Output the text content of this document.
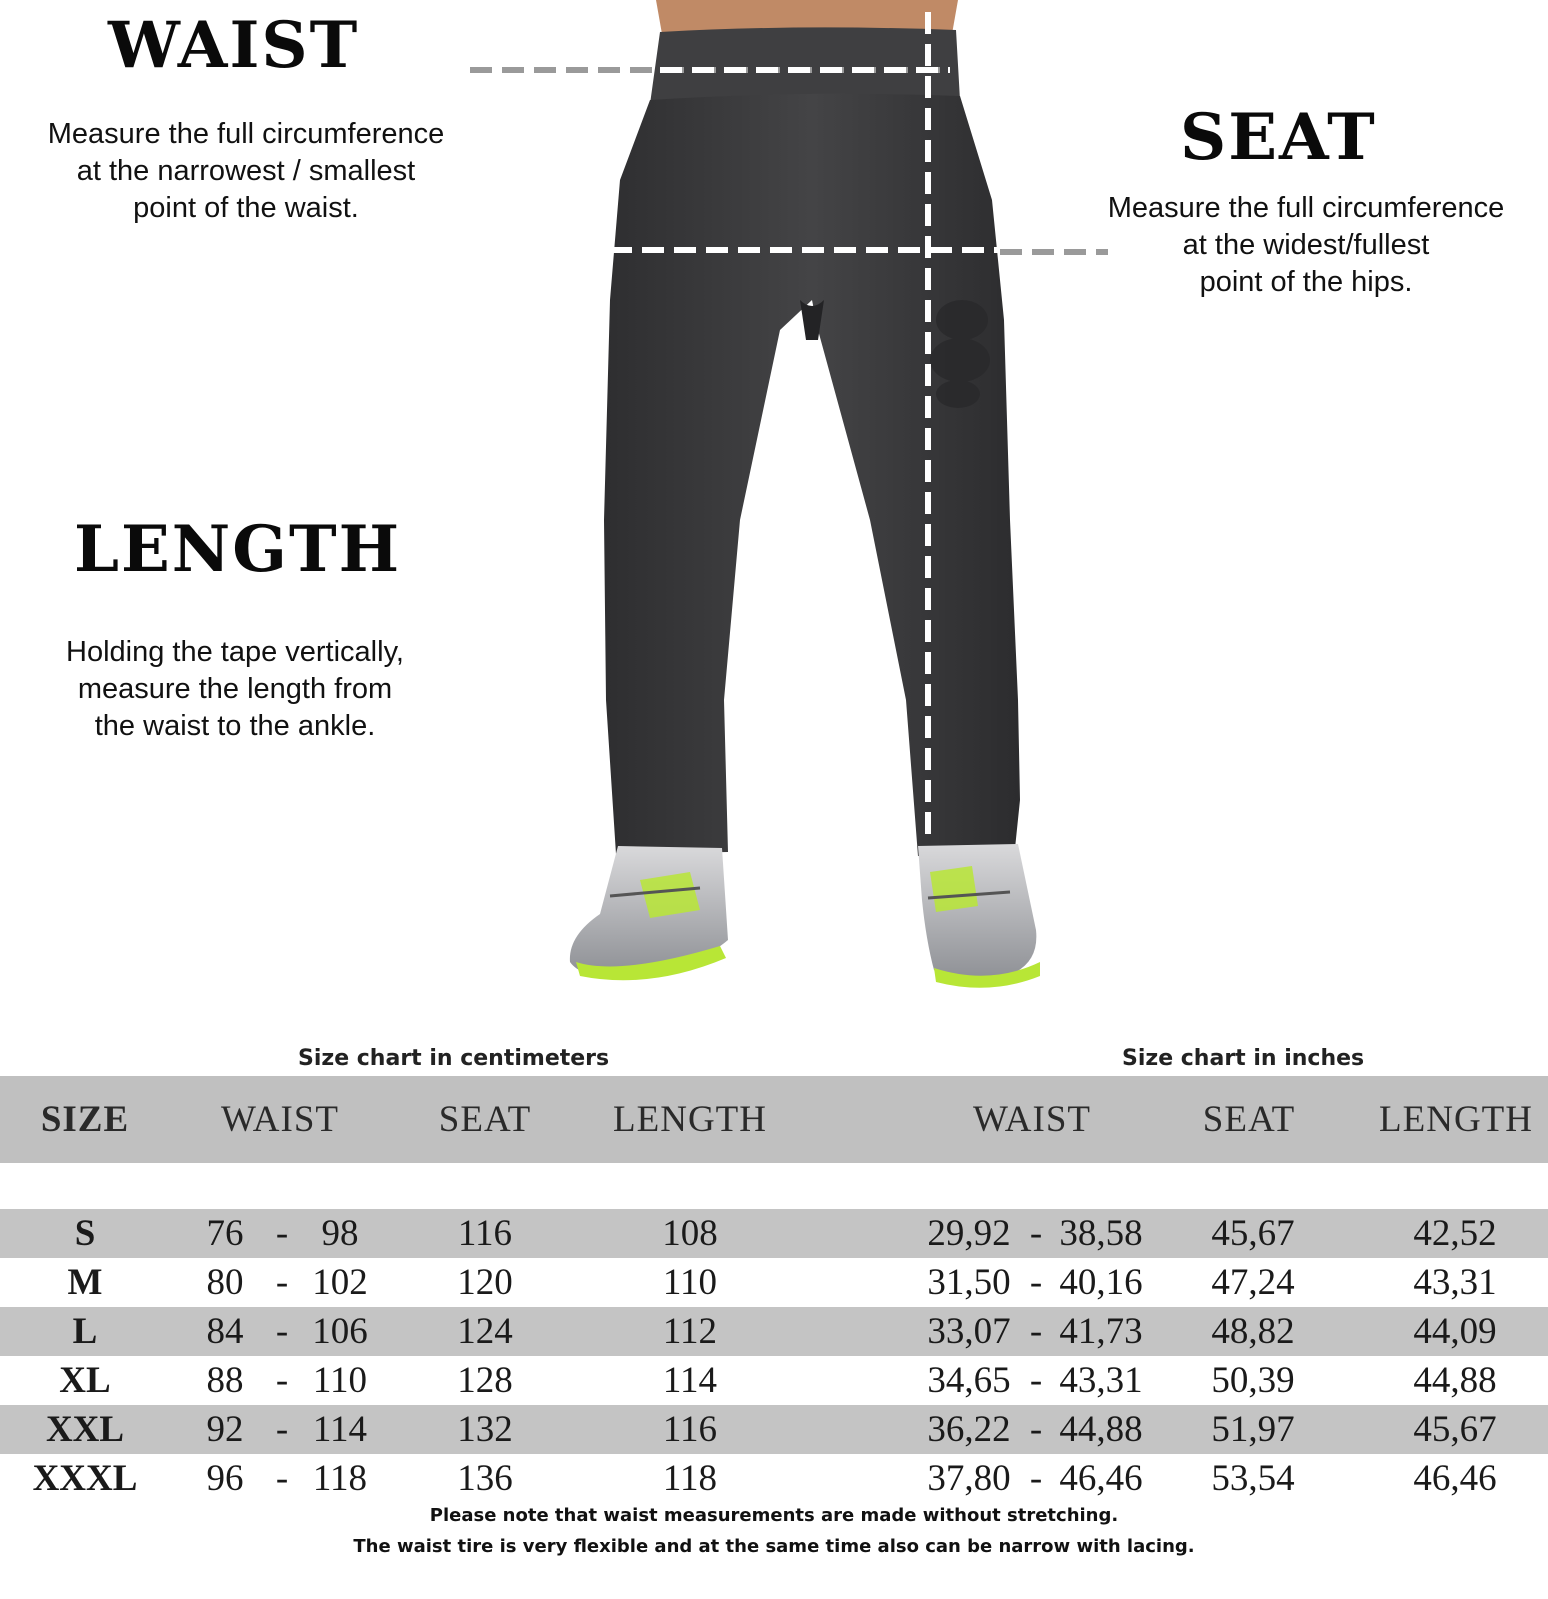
WAIST
Measure the full circumference
at the narrowest / smallest
point of the waist.
SEAT
Measure the full circumference
at the widest/fullest
point of the hips.
LENGTH
Holding the tape vertically,
measure the length from
the waist to the ankle.
Size chart in centimeters	Size chart in inches
SIZE	WAIST	SEAT	LENGTH	WAIST	SEAT	LENGTH
S	76 - 98	116	108	29,92 - 38,58	45,67	42,52
M	80 - 102	120	110	31,50 - 40,16	47,24	43,31
L	84 - 106	124	112	33,07 - 41,73	48,82	44,09
XL	88 - 110	128	114	34,65 - 43,31	50,39	44,88
XXL	92 - 114	132	116	36,22 - 44,88	51,97	45,67
XXXL	96 - 118	136	118	37,80 - 46,46	53,54	46,46
Please note that waist measurements are made without stretching.
The waist tire is very flexible and at the same time also can be narrow with lacing.
